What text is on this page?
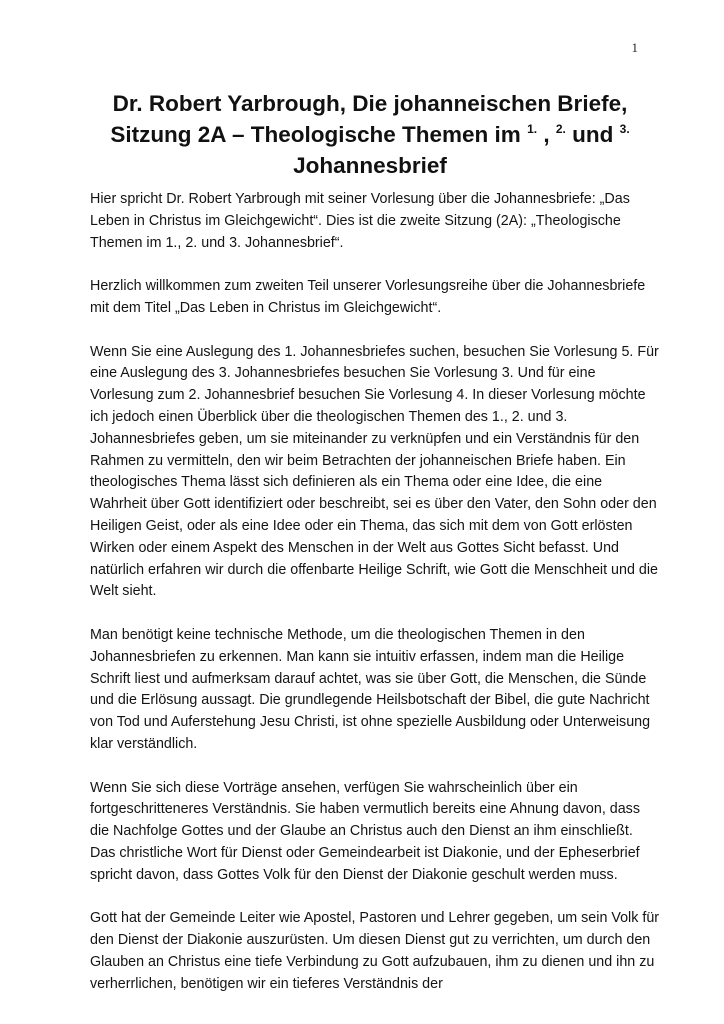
1
Dr. Robert Yarbrough, Die johanneischen Briefe,
Sitzung 2A – Theologische Themen im $^{1.}$ , $^{2.}$ und $^{3.}$
Johannesbrief

Hier spricht Dr. Robert Yarbrough mit seiner Vorlesung über die Johannesbriefe: „Das Leben in Christus im Gleichgewicht“. Dies ist die zweite Sitzung (2A): „Theologische Themen im 1., 2. und 3. Johannesbrief“.

Herzlich willkommen zum zweiten Teil unserer Vorlesungsreihe über die Johannesbriefe mit dem Titel „Das Leben in Christus im Gleichgewicht“.

Wenn Sie eine Auslegung des 1. Johannesbriefes suchen, besuchen Sie Vorlesung 5. Für eine Auslegung des 3. Johannesbriefes besuchen Sie Vorlesung 3. Und für eine Vorlesung zum 2. Johannesbrief besuchen Sie Vorlesung 4. In dieser Vorlesung möchte ich jedoch einen Überblick über die theologischen Themen des 1., 2. und 3. Johannesbriefes geben, um sie miteinander zu verknüpfen und ein Verständnis für den Rahmen zu vermitteln, den wir beim Betrachten der johanneischen Briefe haben. Ein theologisches Thema lässt sich definieren als ein Thema oder eine Idee, die eine Wahrheit über Gott identifiziert oder beschreibt, sei es über den Vater, den Sohn oder den Heiligen Geist, oder als eine Idee oder ein Thema, das sich mit dem von Gott erlösten Wirken oder einem Aspekt des Menschen in der Welt aus Gottes Sicht befasst. Und natürlich erfahren wir durch die offenbarte Heilige Schrift, wie Gott die Menschheit und die Welt sieht.

Man benötigt keine technische Methode, um die theologischen Themen in den Johannesbriefen zu erkennen. Man kann sie intuitiv erfassen, indem man die Heilige Schrift liest und aufmerksam darauf achtet, was sie über Gott, die Menschen, die Sünde und die Erlösung aussagt. Die grundlegende Heilsbotschaft der Bibel, die gute Nachricht von Tod und Auferstehung Jesu Christi, ist ohne spezielle Ausbildung oder Unterweisung klar verständlich.

Wenn Sie sich diese Vorträge ansehen, verfügen Sie wahrscheinlich über ein fortgeschritteneres Verständnis. Sie haben vermutlich bereits eine Ahnung davon, dass die Nachfolge Gottes und der Glaube an Christus auch den Dienst an ihm einschließt. Das christliche Wort für Dienst oder Gemeindearbeit ist Diakonie, und der Epheserbrief spricht davon, dass Gottes Volk für den Dienst der Diakonie geschult werden muss.

Gott hat der Gemeinde Leiter wie Apostel, Pastoren und Lehrer gegeben, um sein Volk für den Dienst der Diakonie auszurüsten. Um diesen Dienst gut zu verrichten, um durch den Glauben an Christus eine tiefe Verbindung zu Gott aufzubauen, ihm zu dienen und ihn zu verherrlichen, benötigen wir ein tieferes Verständnis der
